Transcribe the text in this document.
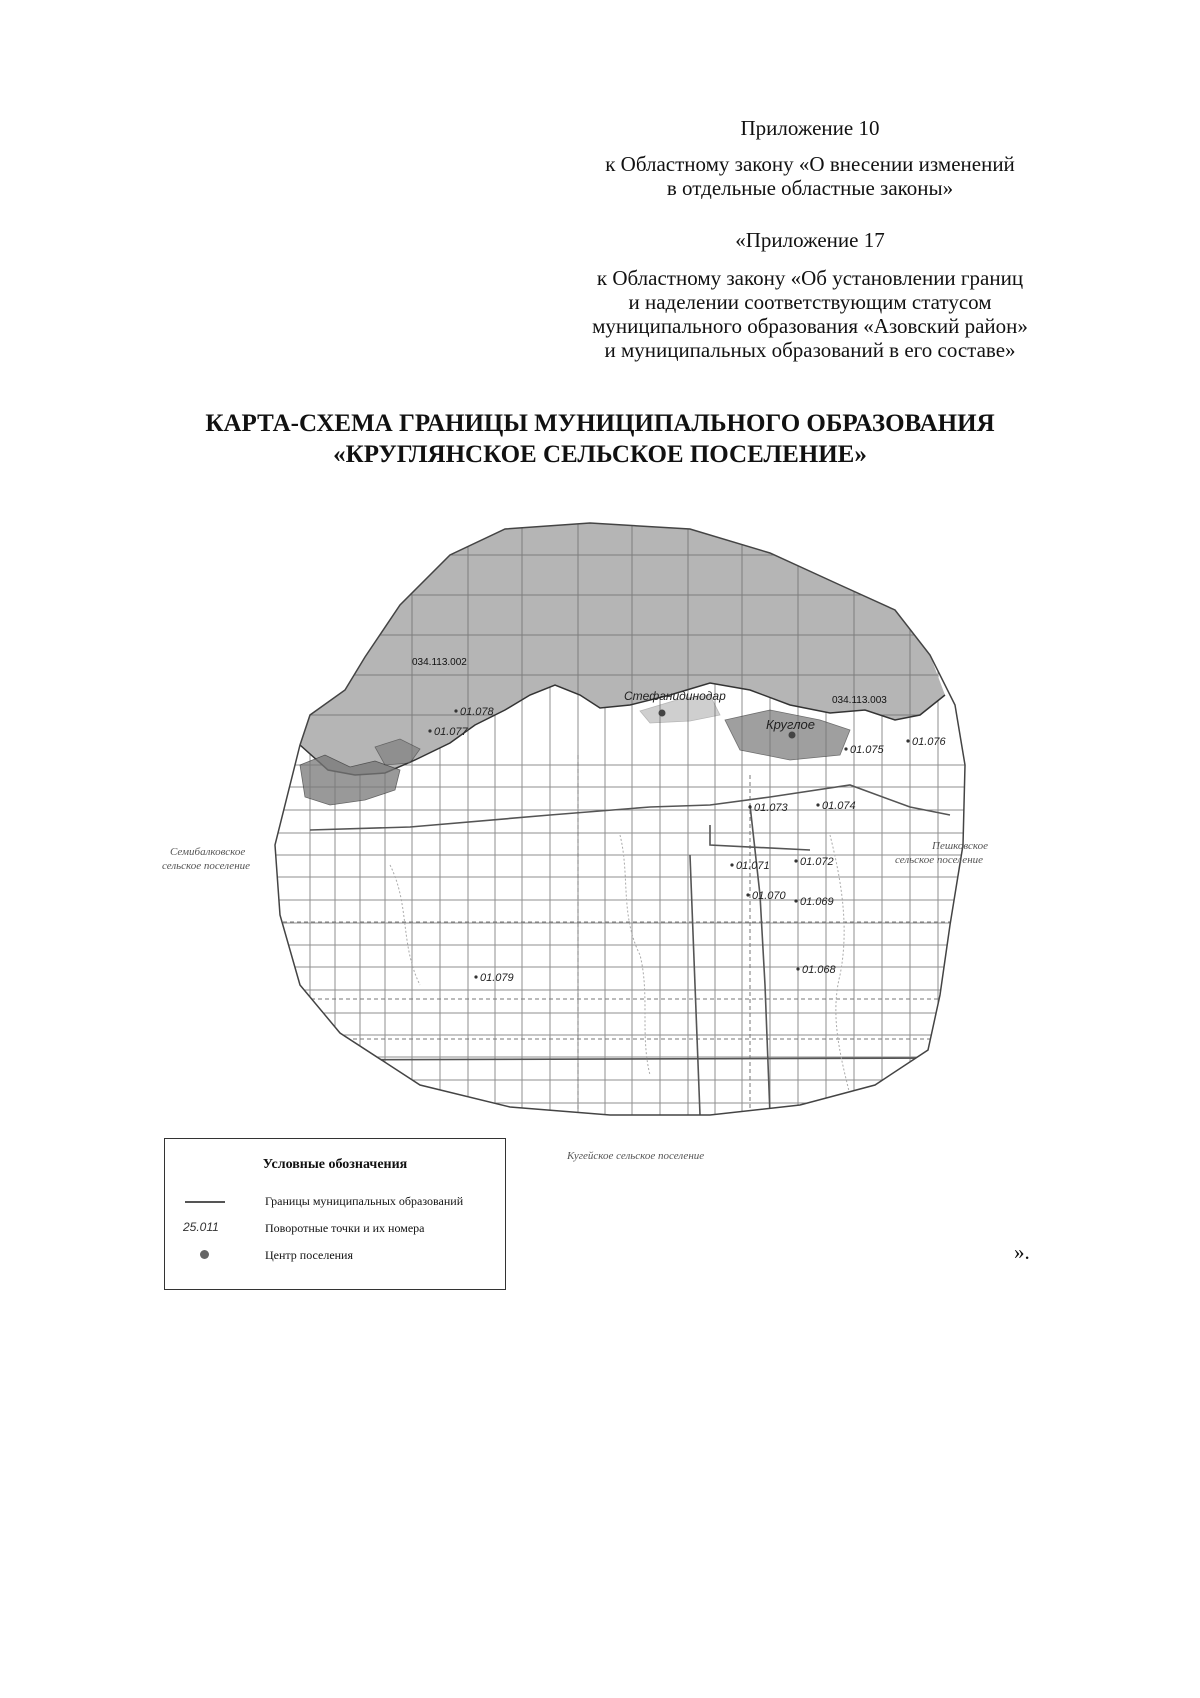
Приложение 10

к Областному закону «О внесении изменений

в отдельные областные законы»

«Приложение 17

к Областному закону «Об установлении границ

и наделении соответствующим статусом

муниципального образования «Азовский район»

и муниципальных образований в его составе»

КАРТА-СХЕМА ГРАНИЦЫ МУНИЦИПАЛЬНОГО ОБРАЗОВАНИЯ

«КРУГЛЯНСКОЕ СЕЛЬСКОЕ ПОСЕЛЕНИЕ»

Стефанидинодар
Круглое
034.113.002
034.113.003
01.078
01.077
01.076
01.075
01.074
01.073
01.072
01.071
01.070 01.069
01.068
01.079
Семибалковское
сельское поселение
Пешковское
сельское поселение
Кугейское сельское поселение
Условные обозначения
Границы муниципальных образований
25.011	Поворотные точки и их номера
Центр поселения	».
